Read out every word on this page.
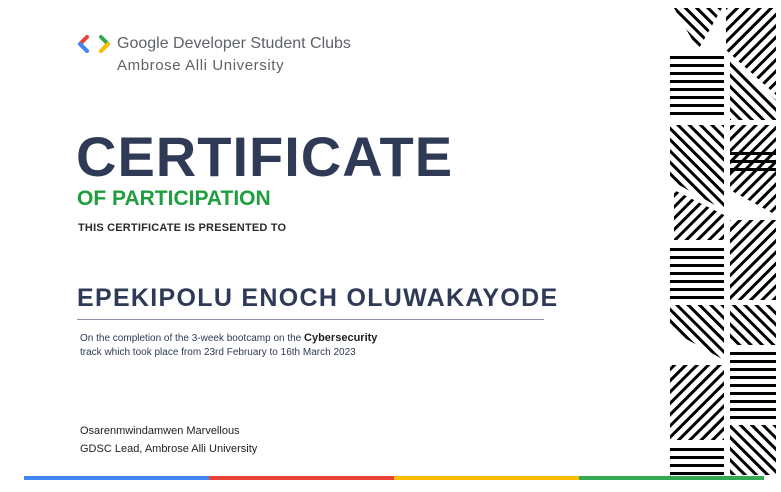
Google Developer Student Clubs
Ambrose Alli University
CERTIFICATE
OF PARTICIPATION
THIS CERTIFICATE IS PRESENTED TO
EPEKIPOLU ENOCH OLUWAKAYODE
On the completion of the 3-week bootcamp on the Cybersecurity
track which took place from 23rd February to 16th March 2023
Osarenmwindamwen Marvellous
GDSC Lead, Ambrose Alli University
